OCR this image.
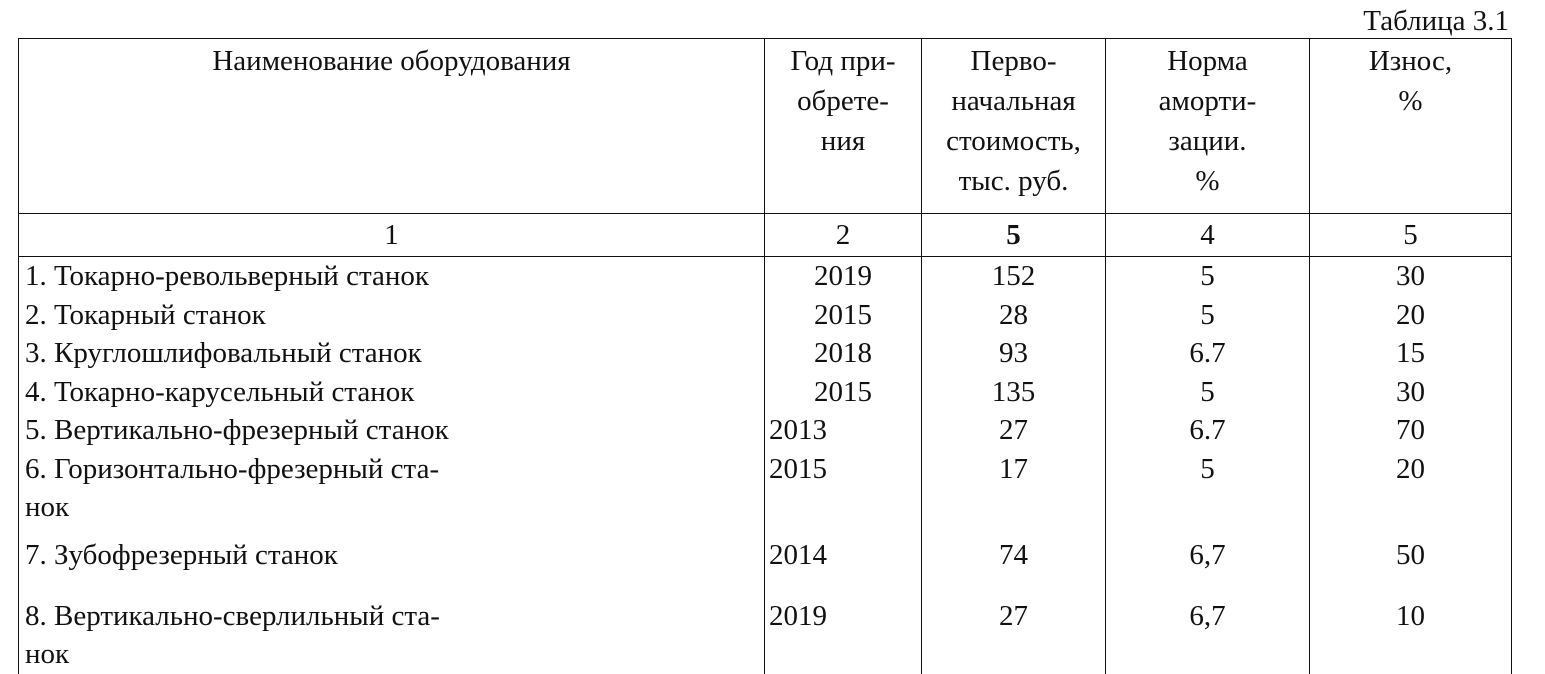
Таблица 3.1
Наименование оборудования	Год при-
обрете-
ния	Перво-
начальная
стоимость,
тыс. руб.	Норма
аморти-
зации.
%	Износ,
%

1	2	5	4	5

1. Токарно-револьверный станок	2019	152	5	30

2. Токарный станок	2015	28	5	20

3. Круглошлифовальный станок	2018	93	6.7	15

4. Токарно-карусельный станок	2015	135	5	30

5. Вертикально-фрезерный станок	2013	27	6.7	70

6. Горизонтально-фрезерный ста-
нок	2015	17	5	20

7. Зубофрезерный станок	2014	74	6,7	50

8. Вертикально-сверлильный ста-
нок	2019	27	6,7	10
